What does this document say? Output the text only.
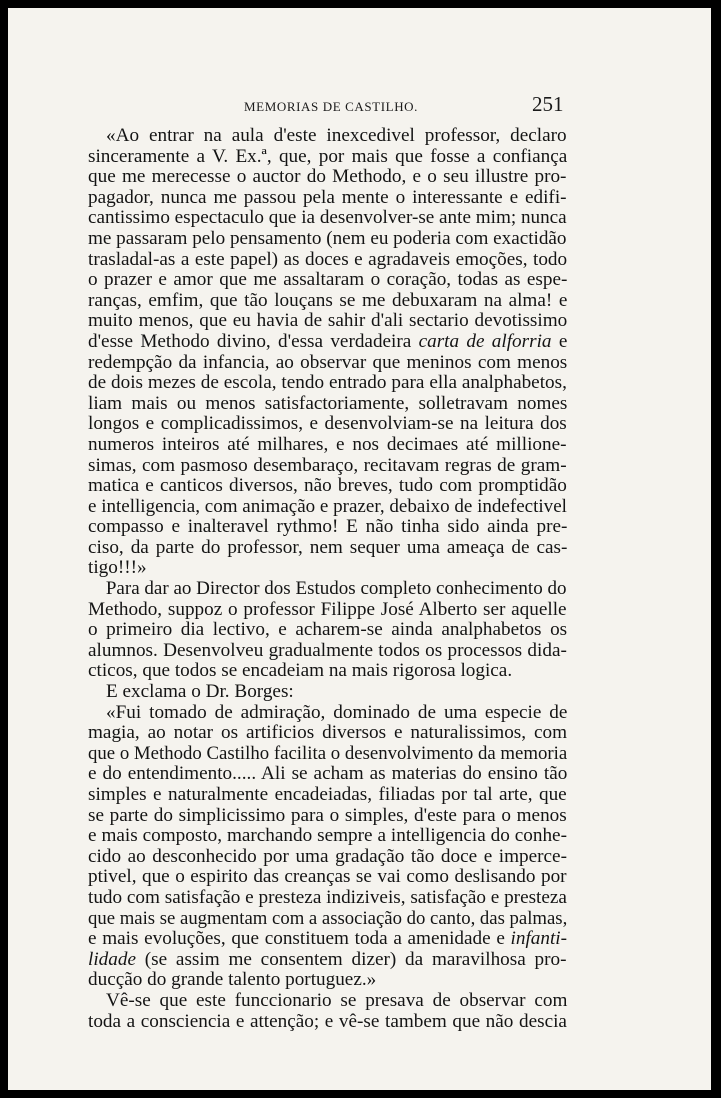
MEMORIAS DE CASTILHO.	251
«Ao entrar na aula d'este inexcedivel professor, declaro
sinceramente a V. Ex.ª, que, por mais que fosse a confiança
que me merecesse o auctor do Methodo, e o seu illustre pro-
pagador, nunca me passou pela mente o interessante e edifi-
cantissimo espectaculo que ia desenvolver-se ante mim; nunca
me passaram pelo pensamento (nem eu poderia com exactidão
trasladal-as a este papel) as doces e agradaveis emoções, todo
o prazer e amor que me assaltaram o coração, todas as espe-
ranças, emfim, que tão louçans se me debuxaram na alma! e
muito menos, que eu havia de sahir d'ali sectario devotissimo
d'esse Methodo divino, d'essa verdadeira carta de alforria e
redempção da infancia, ao observar que meninos com menos
de dois mezes de escola, tendo entrado para ella analphabetos,
liam mais ou menos satisfactoriamente, solletravam nomes
longos e complicadissimos, e desenvolviam-se na leitura dos
numeros inteiros até milhares, e nos decimaes até millione-
simas, com pasmoso desembaraço, recitavam regras de gram-
matica e canticos diversos, não breves, tudo com promptidão
e intelligencia, com animação e prazer, debaixo de indefectivel
compasso e inalteravel rythmo! E não tinha sido ainda pre-
ciso, da parte do professor, nem sequer uma ameaça de cas-
tigo!!!»
Para dar ao Director dos Estudos completo conhecimento do
Methodo, suppoz o professor Filippe José Alberto ser aquelle
o primeiro dia lectivo, e acharem-se ainda analphabetos os
alumnos. Desenvolveu gradualmente todos os processos dida-
cticos, que todos se encadeiam na mais rigorosa logica.
E exclama o Dr. Borges:
«Fui tomado de admiração, dominado de uma especie de
magia, ao notar os artificios diversos e naturalissimos, com
que o Methodo Castilho facilita o desenvolvimento da memoria
e do entendimento..... Ali se acham as materias do ensino tão
simples e naturalmente encadeiadas, filiadas por tal arte, que
se parte do simplicissimo para o simples, d'este para o menos
e mais composto, marchando sempre a intelligencia do conhe-
cido ao desconhecido por uma gradação tão doce e imperce-
ptivel, que o espirito das creanças se vai como deslisando por
tudo com satisfação e presteza indiziveis, satisfação e presteza
que mais se augmentam com a associação do canto, das palmas,
e mais evoluções, que constituem toda a amenidade e infanti-
lidade (se assim me consentem dizer) da maravilhosa pro-
ducção do grande talento portuguez.»
Vê-se que este funccionario se presava de observar com
toda a consciencia e attenção; e vê-se tambem que não descia
